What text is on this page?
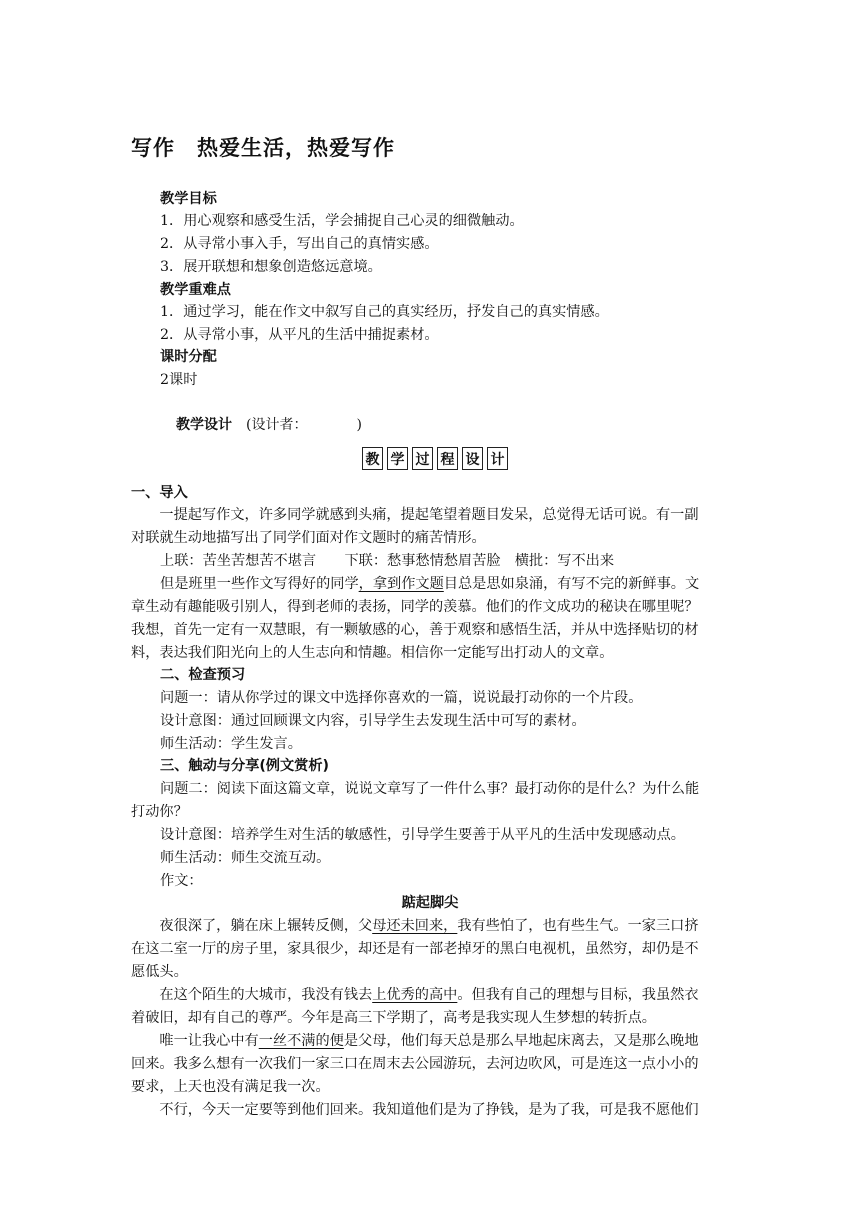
写作　热爱生活，热爱写作
教学目标
1．用心观察和感受生活，学会捕捉自己心灵的细微触动。
2．从寻常小事入手，写出自己的真情实感。
3．展开联想和想象创造悠远意境。
教学重难点
1．通过学习，能在作文中叙写自己的真实经历，抒发自己的真实情感。
2．从寻常小事，从平凡的生活中捕捉素材。
课时分配
2课时
教学设计　 (设计者：　　　　)
教 学 过 程 设 计
一、导入
　　一提起写作文，许多同学就感到头痛，提起笔望着题目发呆，总觉得无话可说。有一副
对联就生动地描写出了同学们面对作文题时的痛苦情形。
上联：苦坐苦想苦不堪言　　下联：愁事愁情愁眉苦脸　横批：写不出来
但是班里一些作文写得好的同学，拿到作文题目总是思如泉涌，有写不完的新鲜事。文
章生动有趣能吸引别人，得到老师的表扬，同学的羡慕。他们的作文成功的秘诀在哪里呢？
我想，首先一定有一双慧眼，有一颗敏感的心，善于观察和感悟生活，并从中选择贴切的材
料，表达我们阳光向上的人生志向和情趣。相信你一定能写出打动人的文章。
二、检查预习
问题一：请从你学过的课文中选择你喜欢的一篇，说说最打动你的一个片段。
设计意图：通过回顾课文内容，引导学生去发现生活中可写的素材。
师生活动：学生发言。
三、触动与分享(例文赏析)
问题二：阅读下面这篇文章，说说文章写了一件什么事？最打动你的是什么？为什么能
打动你？
设计意图：培养学生对生活的敏感性，引导学生要善于从平凡的生活中发现感动点。
师生活动：师生交流互动。
作文：
踮起脚尖
　　夜很深了，躺在床上辗转反侧，父母还未回来，我有些怕了，也有些生气。一家三口挤
在这二室一厅的房子里，家具很少，却还是有一部老掉牙的黑白电视机，虽然穷，却仍是不
愿低头。
　　在这个陌生的大城市，我没有钱去上优秀的高中。但我有自己的理想与目标，我虽然衣
着破旧，却有自己的尊严。今年是高三下学期了，高考是我实现人生梦想的转折点。
　　唯一让我心中有一丝不满的便是父母，他们每天总是那么早地起床离去，又是那么晚地
回来。我多么想有一次我们一家三口在周末去公园游玩，去河边吹风，可是连这一点小小的
要求，上天也没有满足我一次。
　　不行，今天一定要等到他们回来。我知道他们是为了挣钱，是为了我，可是我不愿他们
